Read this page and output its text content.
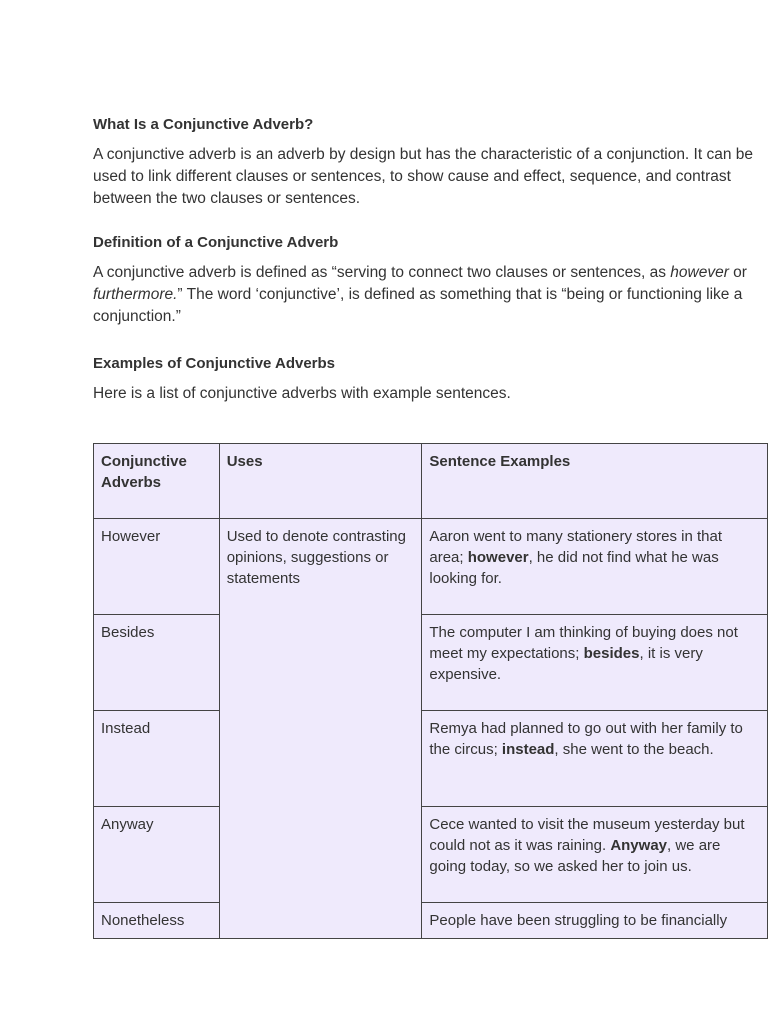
What Is a Conjunctive Adverb?

A conjunctive adverb is an adverb by design but has the characteristic of a conjunction. It can be used to link different clauses or sentences, to show cause and effect, sequence, and contrast between the two clauses or sentences.

Definition of a Conjunctive Adverb

A conjunctive adverb is defined as “serving to connect two clauses or sentences, as however or furthermore.” The word ‘conjunctive’, is defined as something that is “being or functioning like a conjunction.”

Examples of Conjunctive Adverbs

Here is a list of conjunctive adverbs with example sentences.

Conjunctive Adverbs	Uses	Sentence Examples
However	Used to denote contrasting opinions, suggestions or statements	Aaron went to many stationery stores in that area; however, he did not find what he was looking for.
Besides		The computer I am thinking of buying does not meet my expectations; besides, it is very expensive.
Instead		Remya had planned to go out with her family to the circus; instead, she went to the beach.
Anyway		Cece wanted to visit the museum yesterday but could not as it was raining. Anyway, we are going today, so we asked her to join us.
Nonetheless		People have been struggling to be financially
